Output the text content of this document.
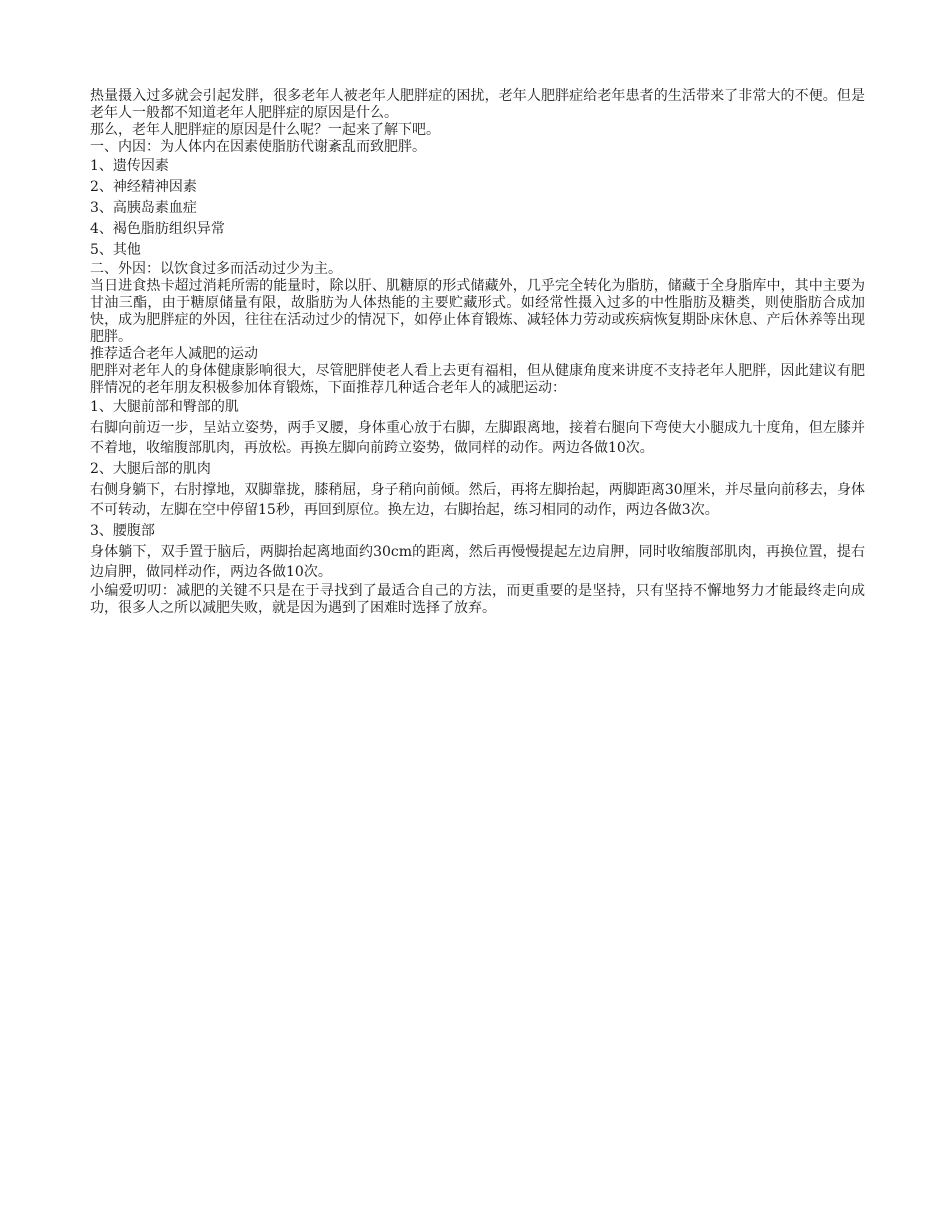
热量摄入过多就会引起发胖，很多老年人被老年人肥胖症的困扰，老年人肥胖症给老年患者的生活带来了非常大的不便。但是老年人一般都不知道老年人肥胖症的原因是什么。

那么，老年人肥胖症的原因是什么呢？一起来了解下吧。

一、内因：为人体内在因素使脂肪代谢紊乱而致肥胖。

1、遗传因素

2、神经精神因素

3、高胰岛素血症

4、褐色脂肪组织异常

5、其他

二、外因：以饮食过多而活动过少为主。

当日进食热卡超过消耗所需的能量时，除以肝、肌糖原的形式储藏外，几乎完全转化为脂肪，储藏于全身脂库中，其中主要为甘油三酯，由于糖原储量有限，故脂肪为人体热能的主要贮藏形式。如经常性摄入过多的中性脂肪及糖类，则使脂肪合成加快，成为肥胖症的外因，往往在活动过少的情况下，如停止体育锻炼、减轻体力劳动或疾病恢复期卧床休息、产后休养等出现肥胖。

推荐适合老年人减肥的运动

肥胖对老年人的身体健康影响很大，尽管肥胖使老人看上去更有福相，但从健康角度来讲度不支持老年人肥胖，因此建议有肥胖情况的老年朋友积极参加体育锻炼，下面推荐几种适合老年人的减肥运动：

1、大腿前部和臀部的肌

右脚向前迈一步，呈站立姿势，两手叉腰，身体重心放于右脚，左脚跟离地，接着右腿向下弯使大小腿成九十度角，但左膝并不着地，收缩腹部肌肉，再放松。再换左脚向前跨立姿势，做同样的动作。两边各做10次。

2、大腿后部的肌肉

右侧身躺下，右肘撑地，双脚靠拢，膝稍屈，身子稍向前倾。然后，再将左脚抬起，两脚距离30厘米，并尽量向前移去，身体不可转动，左脚在空中停留15秒，再回到原位。换左边，右脚抬起，练习相同的动作，两边各做3次。

3、腰腹部

身体躺下，双手置于脑后，两脚抬起离地面约30cm的距离，然后再慢慢提起左边肩胛，同时收缩腹部肌肉，再换位置，提右边肩胛，做同样动作，两边各做10次。

小编爱叨叨：减肥的关键不只是在于寻找到了最适合自己的方法，而更重要的是坚持，只有坚持不懈地努力才能最终走向成功，很多人之所以减肥失败，就是因为遇到了困难时选择了放弃。
